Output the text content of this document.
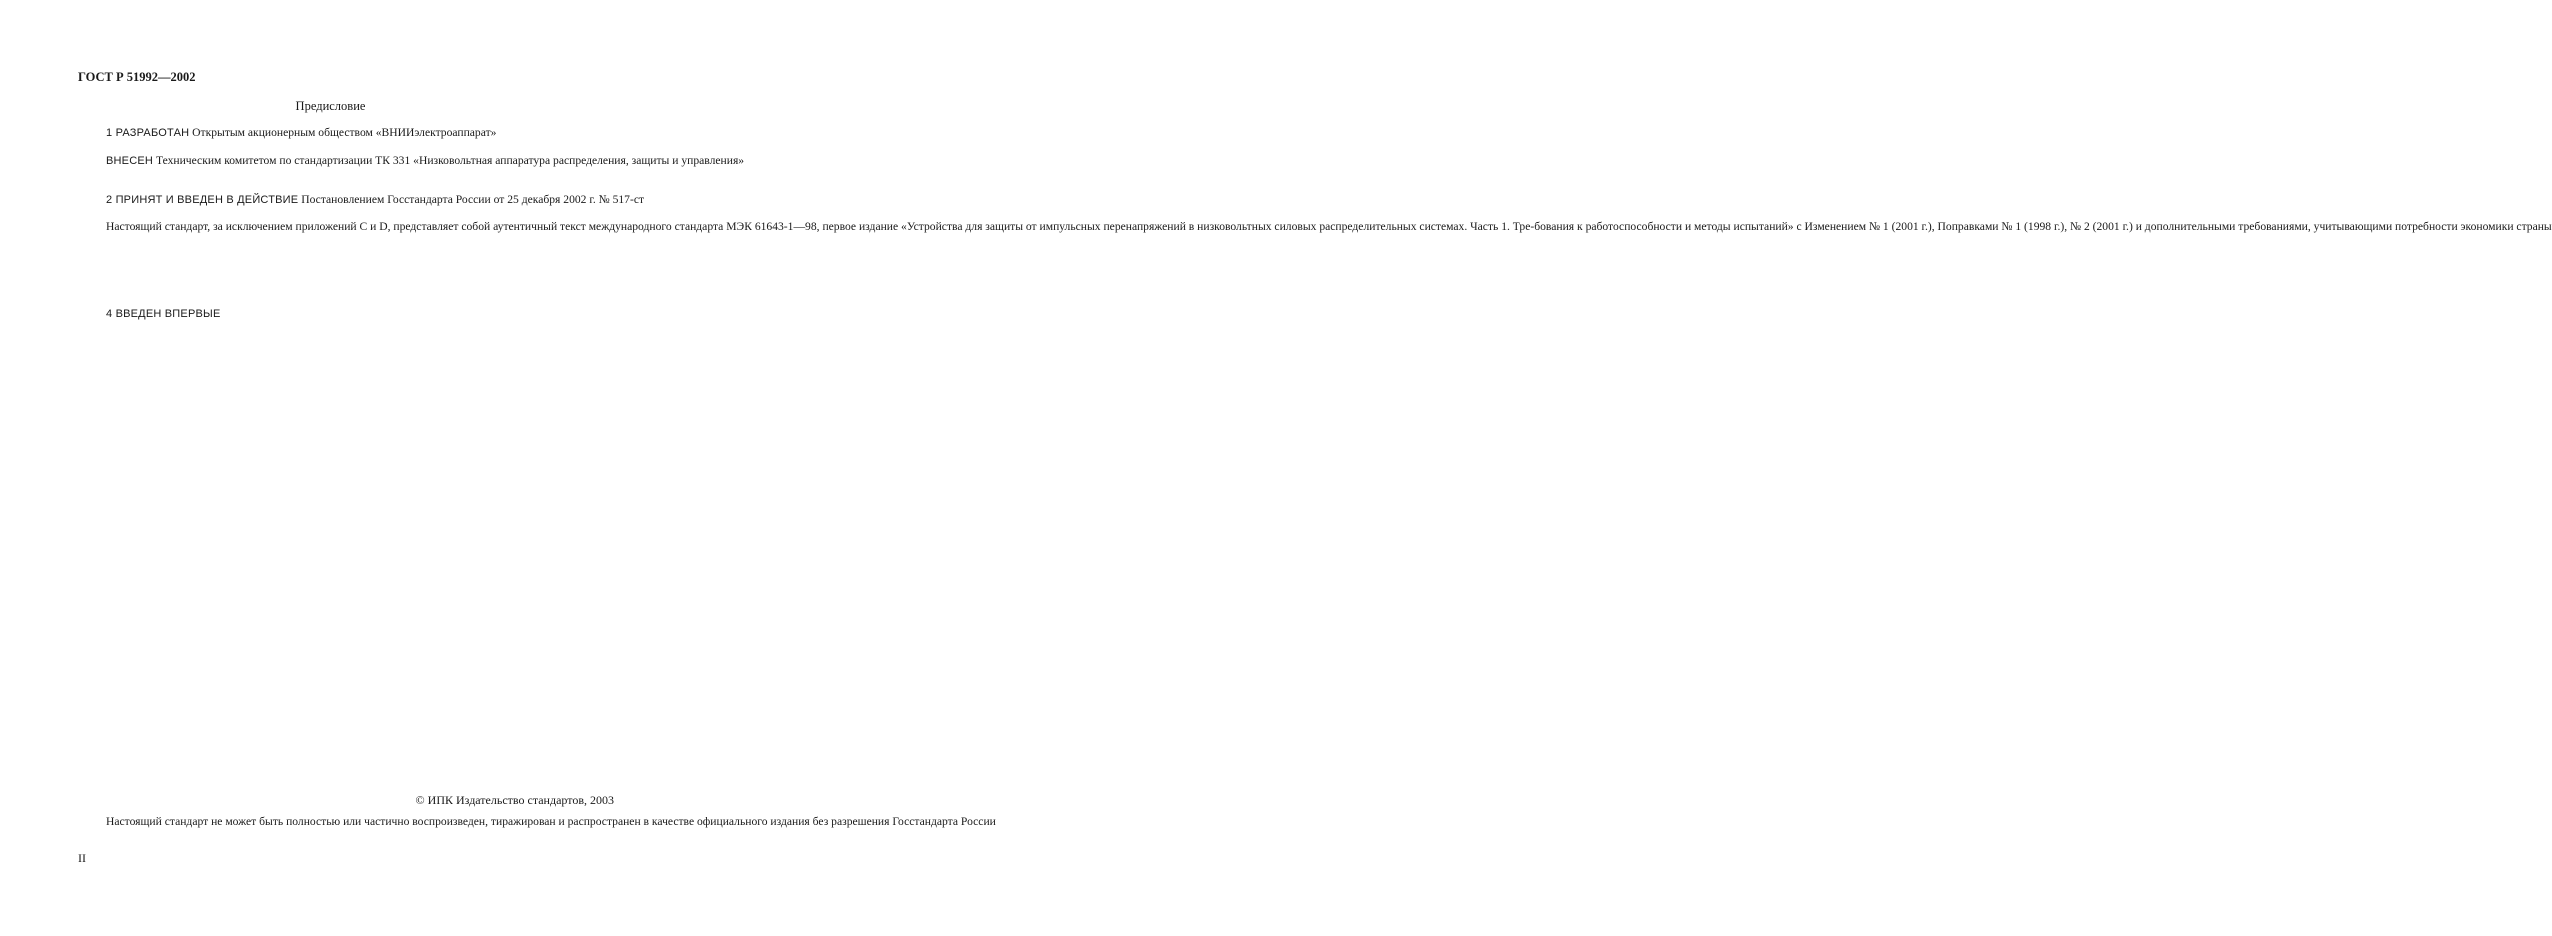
ГОСТ Р 51992—2002
Предисловие

1 РАЗРАБОТАН Открытым акционерным обществом «ВНИИэлектроаппарат»

ВНЕСЕН Техническим комитетом по стандартизации ТК 331 «Низковольтная аппаратура распределения, защиты и управления»

2 ПРИНЯТ И ВВЕДЕН В ДЕЙСТВИЕ Постановлением Госстандарта России от 25 декабря 2002 г. № 517-ст

Настоящий стандарт, за исключением приложений C и D, представляет собой аутентичный текст международного стандарта МЭК 61643-1—98, первое издание «Устройства для защиты от импульсных перенапряжений в низковольтных силовых распределительных системах. Часть 1. Тре-бования к работоспособности и методы испытаний» с Изменением № 1 (2001 г.), Поправками № 1 (1998 г.), № 2 (2001 г.) и дополнительными требованиями, учитывающими потребности экономики страны

4 ВВЕДЕН ВПЕРВЫЕ

© ИПК Издательство стандартов, 2003

Настоящий стандарт не может быть полностью или частично воспроизведен, тиражирован и распространен в качестве официального издания без разрешения Госстандарта России

II
